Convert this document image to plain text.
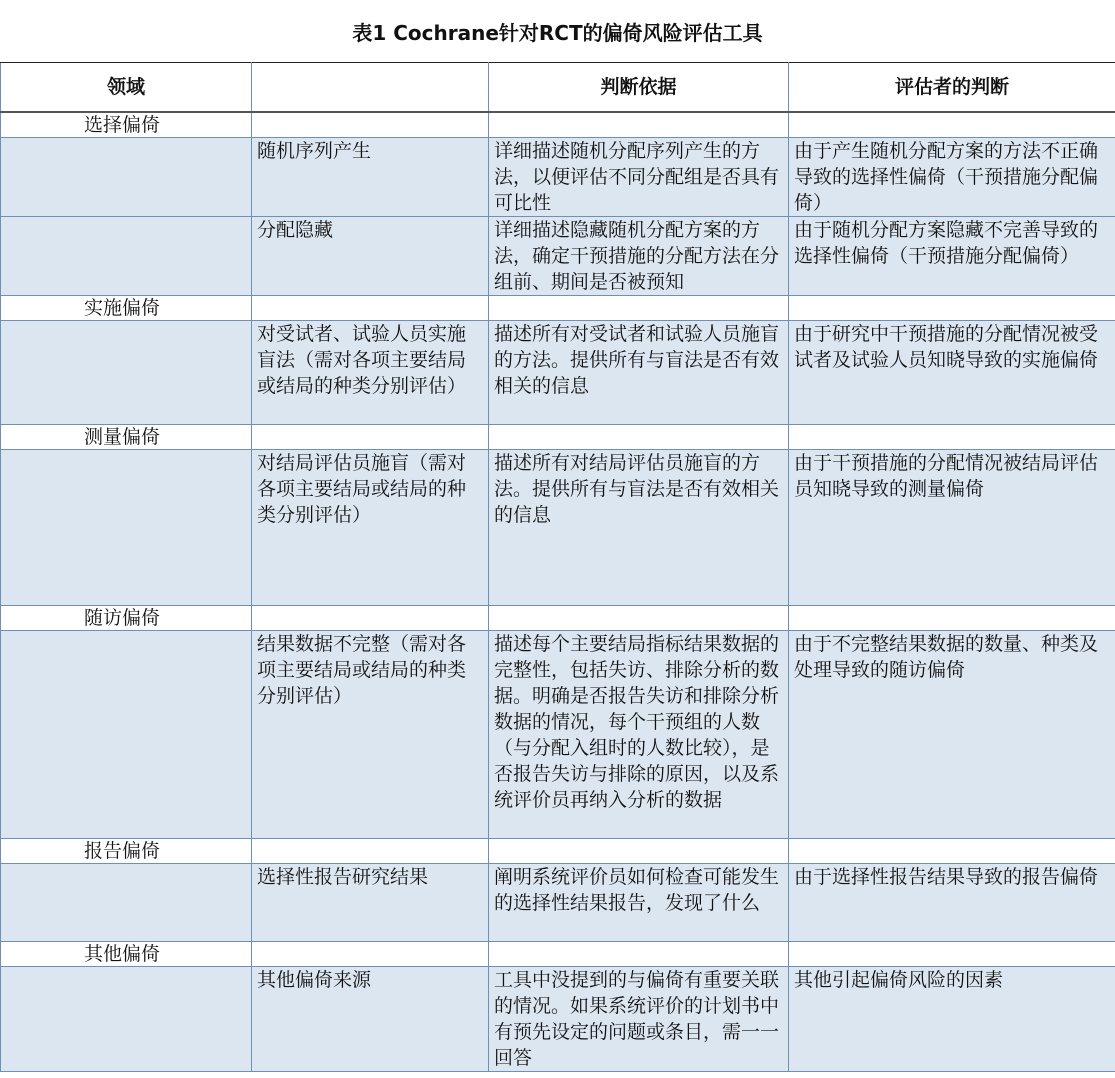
表1 Cochrane针对RCT的偏倚风险评估工具
领域		判断依据	评估者的判断
选择偏倚			
	随机序列产生	详细描述随机分配序列产生的方法，以便评估不同分配组是否具有可比性	由于产生随机分配方案的方法不正确导致的选择性偏倚（干预措施分配偏倚）
	分配隐藏	详细描述隐藏随机分配方案的方法，确定干预措施的分配方法在分组前、期间是否被预知	由于随机分配方案隐藏不完善导致的选择性偏倚（干预措施分配偏倚）
实施偏倚			
	对受试者、试验人员实施盲法（需对各项主要结局或结局的种类分别评估）	描述所有对受试者和试验人员施盲的方法。提供所有与盲法是否有效相关的信息	由于研究中干预措施的分配情况被受试者及试验人员知晓导致的实施偏倚
测量偏倚			
	对结局评估员施盲（需对各项主要结局或结局的种类分别评估）	描述所有对结局评估员施盲的方法。提供所有与盲法是否有效相关的信息	由于干预措施的分配情况被结局评估员知晓导致的测量偏倚
随访偏倚			
	结果数据不完整（需对各项主要结局或结局的种类分别评估）	描述每个主要结局指标结果数据的完整性，包括失访、排除分析的数据。明确是否报告失访和排除分析数据的情况，每个干预组的人数（与分配入组时的人数比较），是否报告失访与排除的原因，以及系统评价员再纳入分析的数据	由于不完整结果数据的数量、种类及处理导致的随访偏倚
报告偏倚			
	选择性报告研究结果	阐明系统评价员如何检查可能发生的选择性结果报告，发现了什么	由于选择性报告结果导致的报告偏倚
其他偏倚			
	其他偏倚来源	工具中没提到的与偏倚有重要关联的情况。如果系统评价的计划书中有预先设定的问题或条目，需一一回答	其他引起偏倚风险的因素
